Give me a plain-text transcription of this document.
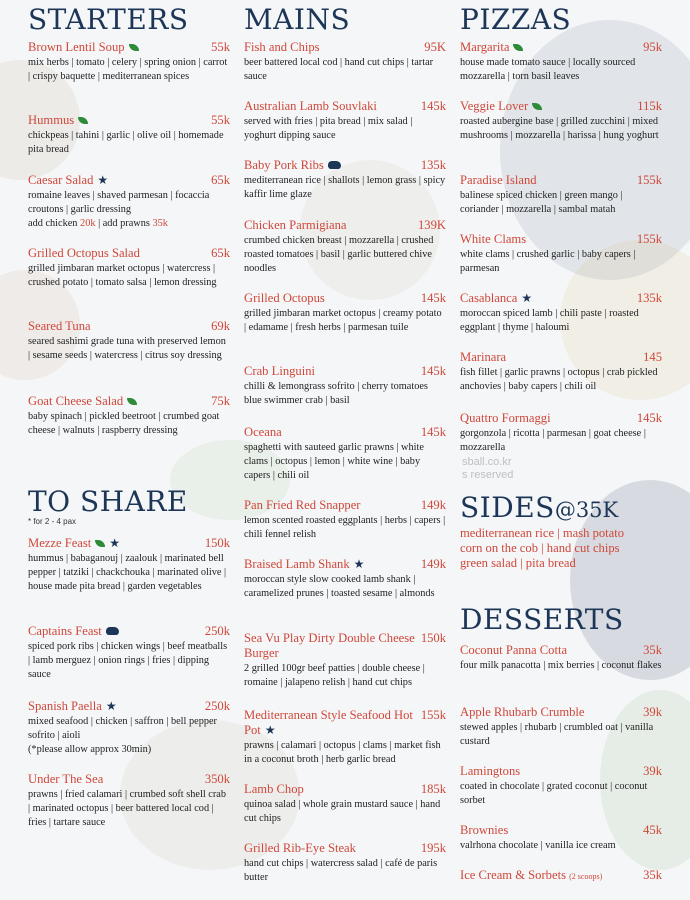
STARTERS
Brown Lentil Soup	55k
mix herbs | tomato | celery | spring onion | carrot | crispy baquette | mediterranean spices
Hummus	55k
chickpeas | tahini | garlic | olive oil | homemade pita bread
Caesar Salad ★	65k
romaine leaves | shaved parmesan | focaccia croutons | garlic dressing
add chicken 20k | add prawns 35k
Grilled Octopus Salad	65k
grilled jimbaran market octopus | watercress | crushed potato | tomato salsa | lemon dressing
Seared Tuna	69k
seared sashimi grade tuna with preserved lemon | sesame seeds | watercress | citrus soy dressing
Goat Cheese Salad	75k
baby spinach | pickled beetroot | crumbed goat cheese | walnuts | raspberry dressing
TO SHARE
* for 2 - 4 pax
Mezze Feast ★	150k
hummus | babaganouj | zaalouk | marinated bell pepper | tatziki | chackchouka | marinated olive | house made pita bread | garden vegetables
Captains Feast	250k
spiced pork ribs | chicken wings | beef meatballs | lamb merguez | onion rings | fries | dipping sauce
Spanish Paella ★	250k
mixed seafood | chicken | saffron | bell pepper sofrito | aioli
(*please allow approx 30min)
Under The Sea	350k
prawns | fried calamari | crumbed soft shell crab | marinated octopus | beer battered local cod | fries | tartare sauce
MAINS
Fish and Chips	95K
beer battered local cod | hand cut chips | tartar sauce
Australian Lamb Souvlaki	145k
served with fries | pita bread | mix salad | yoghurt dipping sauce
Baby Pork Ribs	135k
mediterranean rice | shallots | lemon grass | spicy kaffir lime glaze
Chicken Parmigiana	139K
crumbed chicken breast | mozzarella | crushed roasted tomatoes | basil | garlic buttered chive noodles
Grilled Octopus	145k
grilled jimbaran market octopus | creamy potato | edamame | fresh herbs | parmesan tuile
Crab Linguini	145k
chilli & lemongrass sofrito | cherry tomatoes blue swimmer crab | basil
Oceana	145k
spaghetti with sauteed garlic prawns | white clams | octopus | lemon | white wine | baby capers | chili oil
Pan Fried Red Snapper	149k
lemon scented roasted eggplants | herbs | capers | chili fennel relish
Braised Lamb Shank ★	149k
moroccan style slow cooked lamb shank | caramelized prunes | toasted sesame | almonds
Sea Vu Play Dirty Double Cheese Burger
150k
2 grilled 100gr beef patties | double cheese | romaine | jalapeno relish | hand cut chips
Mediterranean Style Seafood Hot Pot ★
155k
prawns | calamari | octopus | clams | market fish in a coconut broth | herb garlic bread
Lamb Chop	185k
quinoa salad | whole grain mustard sauce | hand cut chips
Grilled Rib-Eye Steak	195k
hand cut chips | watercress salad | café de paris butter
PIZZAS
Margarita	95k
house made tomato sauce | locally sourced mozzarella | torn basil leaves
Veggie Lover	115k
roasted aubergine base | grilled zucchini | mixed mushrooms | mozzarella | harissa | hung yoghurt
Paradise Island	155k
balinese spiced chicken | green mango | coriander | mozzarella | sambal matah
White Clams	155k
white clams | crushed garlic | baby capers | parmesan
Casablanca ★	135k
moroccan spiced lamb | chili paste | roasted eggplant | thyme | haloumi
Marinara	145
fish fillet | garlic prawns | octopus | crab pickled anchovies | baby capers | chili oil
Quattro Formaggi	145k
gorgonzola | ricotta | parmesan | goat cheese | mozzarella
SIDES@35K
mediterranean rice | mash potato
corn on the cob | hand cut chips
green salad | pita bread
DESSERTS
Coconut Panna Cotta	35k
four milk panacotta | mix berries | coconut flakes
Apple Rhubarb Crumble	39k
stewed apples | rhubarb | crumbled oat | vanilla custard
Lamingtons	39k
coated in chocolate | grated coconut | coconut sorbet
Brownies	45k
valrhona chocolate | vanilla ice cream
Ice Cream & Sorbets (2 scoops)	35k
sball.co.kr
s reserved
